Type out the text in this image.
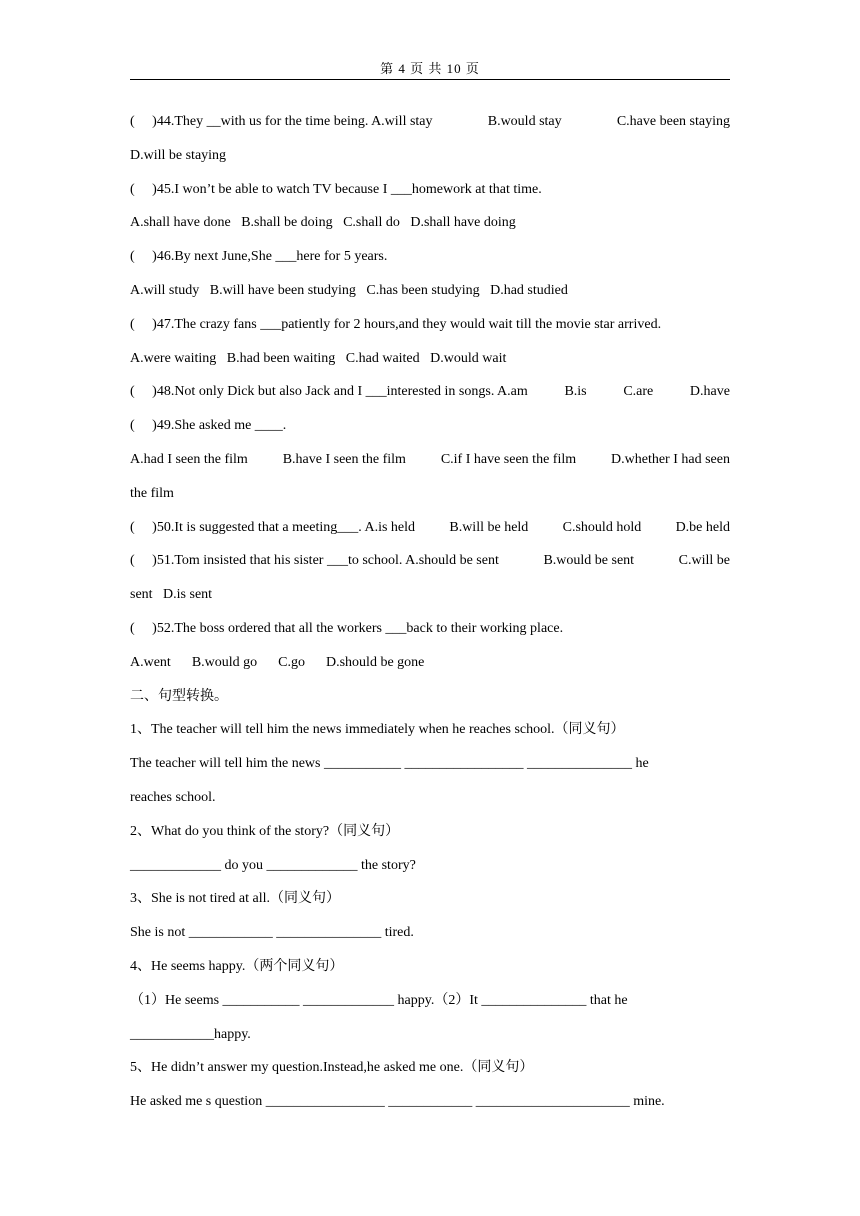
第 4 页 共 10 页
(     )44.They __with us for the time being. A.will stay	B.would stay	C.have been staying
D.will be staying
(     )45.I won’t be able to watch TV because I ___homework at that time.
A.shall have done   B.shall be doing   C.shall do   D.shall have doing
(     )46.By next June,She ___here for 5 years.
A.will study   B.will have been studying   C.has been studying   D.had studied
(     )47.The crazy fans ___patiently for 2 hours,and they would wait till the movie star arrived.
A.were waiting   B.had been waiting   C.had waited   D.would wait
(     )48.Not only Dick but also Jack and I ___interested in songs. A.am	B.is	C.are	D.have
(     )49.She asked me ____.
A.had I seen the film B.have I seen the film C.if I have seen the film D.whether I had seen
the film
(     )50.It is suggested that a meeting___. A.is held B.will be held C.should hold D.be held
(     )51.Tom insisted that his sister ___to school. A.should be sent	B.would be sent	C.will be
sent   D.is sent
(     )52.The boss ordered that all the workers ___back to their working place.
A.went      B.would go      C.go      D.should be gone
二、句型转换。
1、The teacher will tell him the news immediately when he reaches school.（同义句）
The teacher will tell him the news ___________ _________________ _______________ he
reaches school.
2、What do you think of the story?（同义句）
_____________ do you _____________ the story?
3、She is not tired at all.（同义句）
She is not ____________ _______________ tired.
4、He seems happy.（两个同义句）
（1）He seems ___________ _____________ happy.（2）It _______________ that he
____________happy.
5、He didn’t answer my question.Instead,he asked me one.（同义句）
He asked me s question _________________ ____________ ______________________ mine.
